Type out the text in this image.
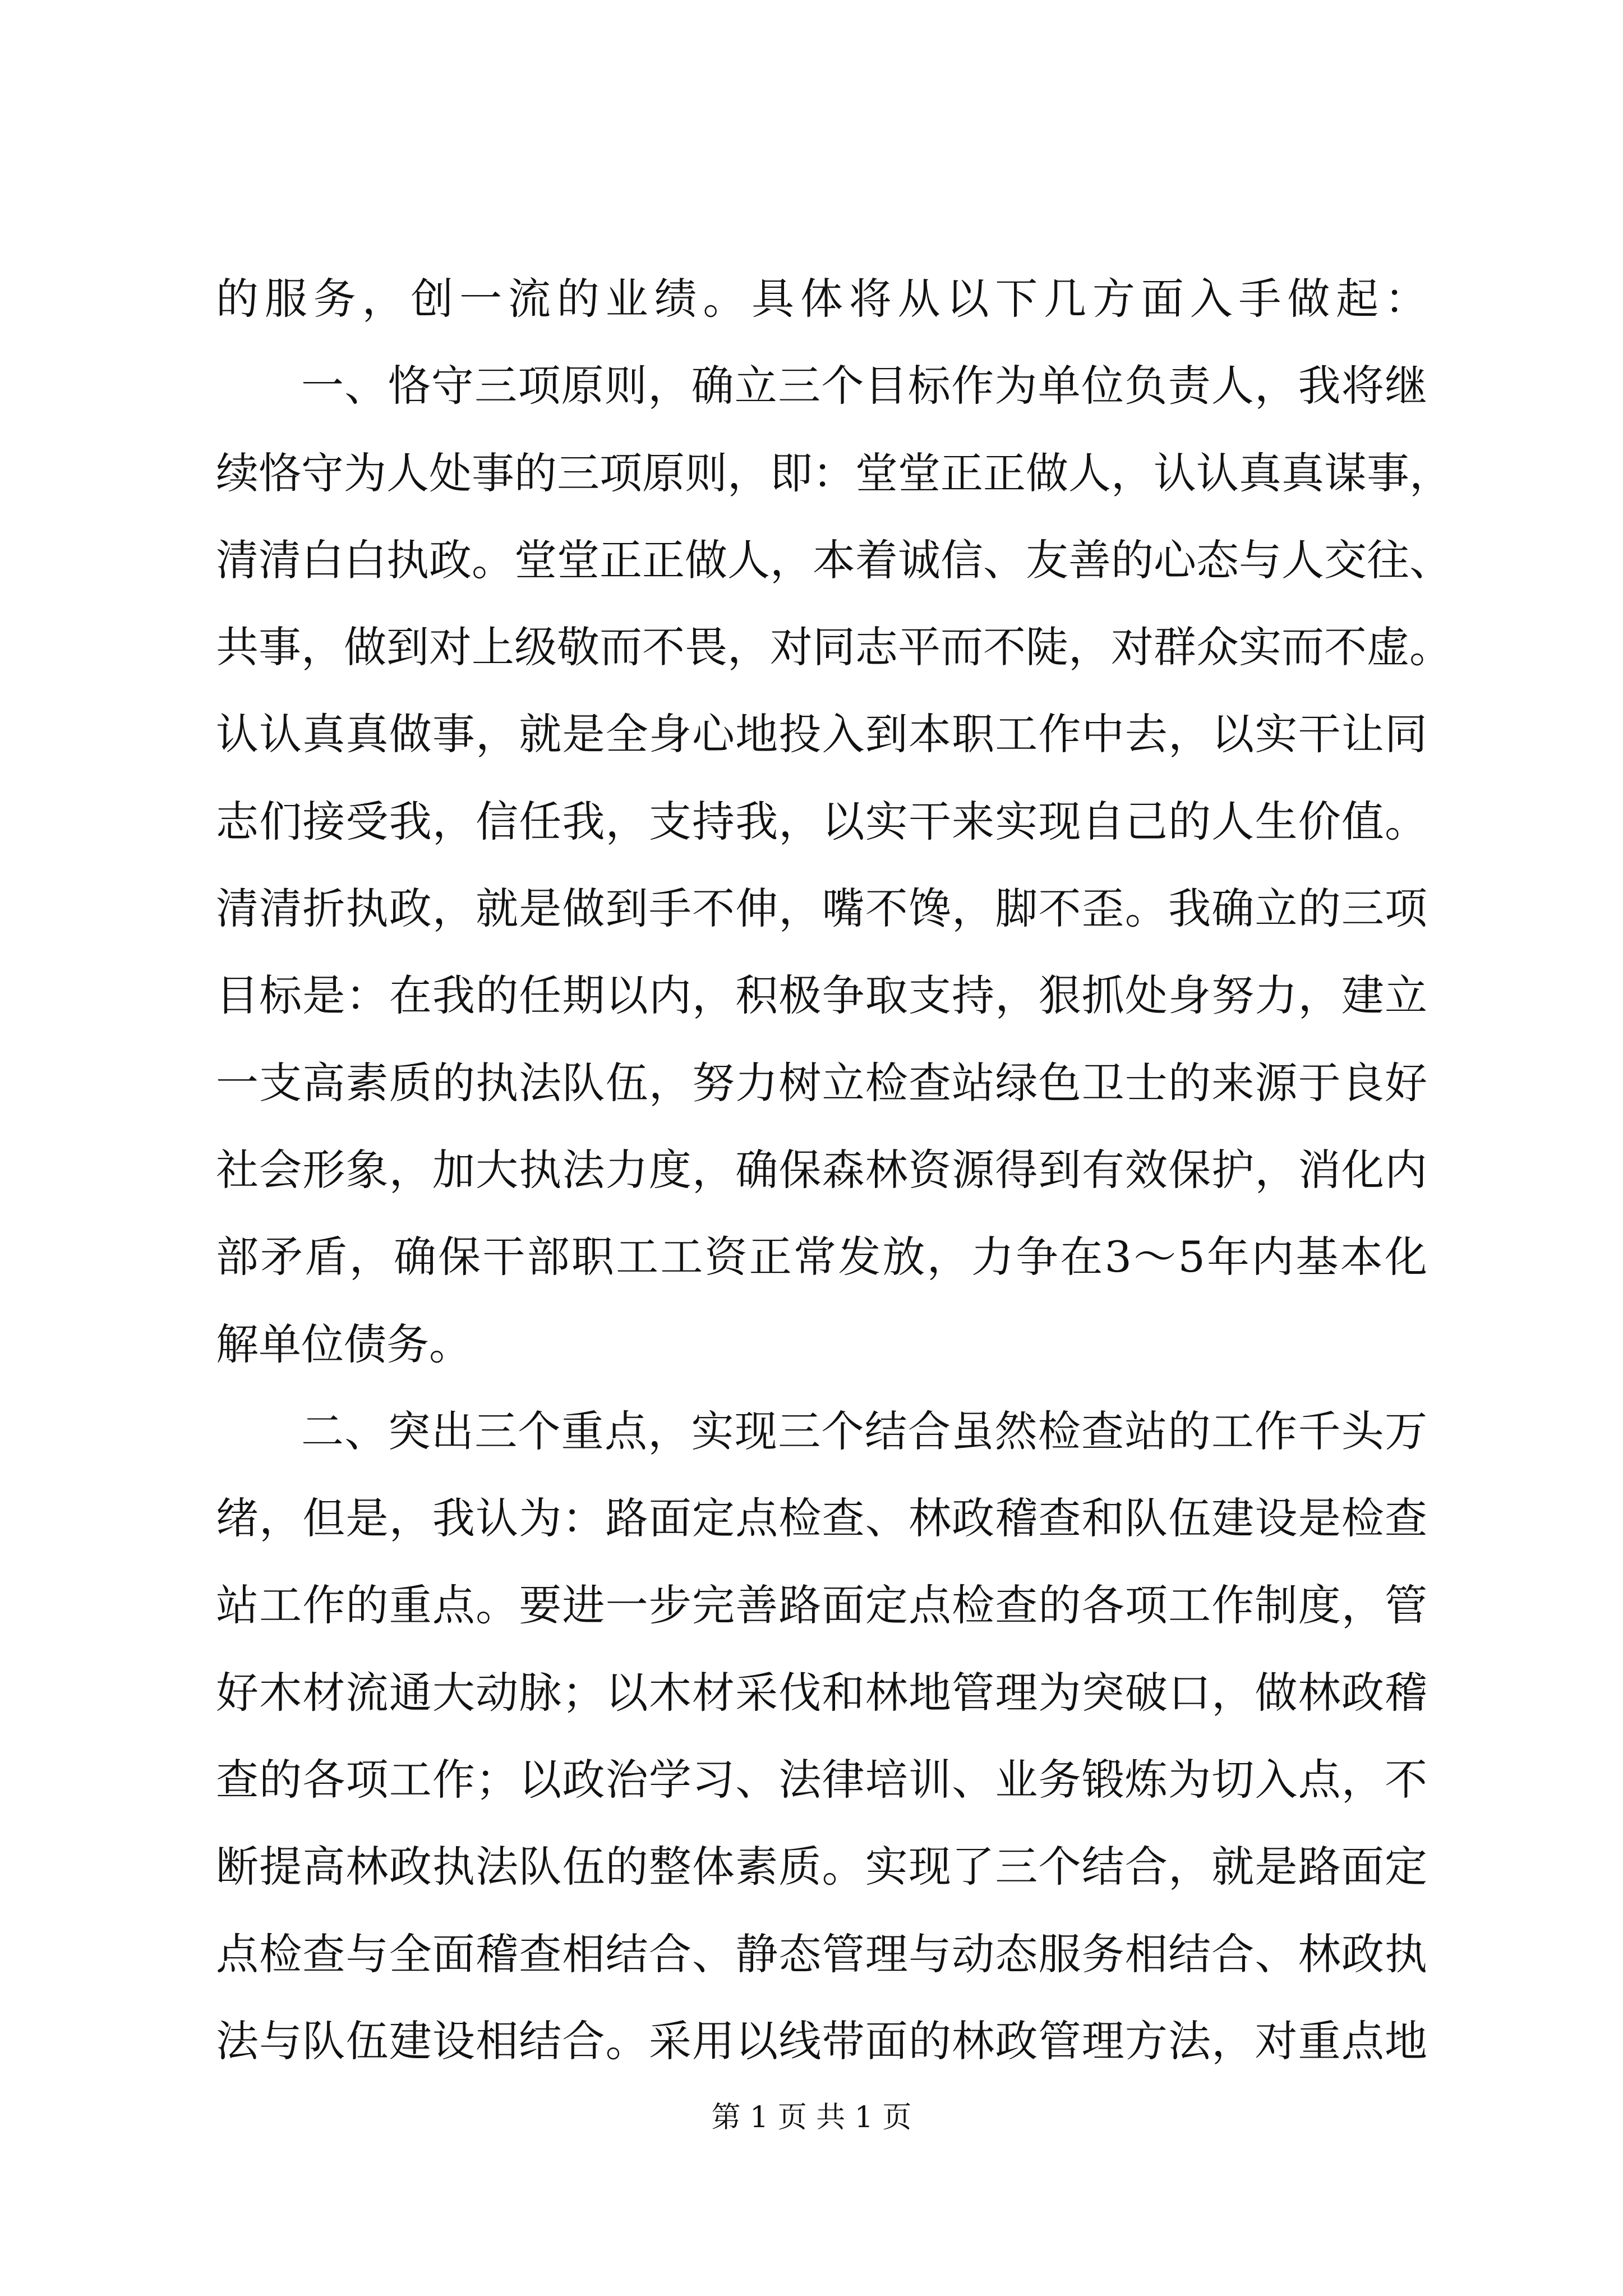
的服务，创一流的业绩。具体将从以下几方面入手做起：
一、恪守三项原则，确立三个目标作为单位负责人，我将继
续恪守为人处事的三项原则，即：堂堂正正做人，认认真真谋事，
清清白白执政。堂堂正正做人，本着诚信、友善的心态与人交往、
共事，做到对上级敬而不畏，对同志平而不陡，对群众实而不虚。
认认真真做事，就是全身心地投入到本职工作中去，以实干让同
志们接受我，信任我，支持我，以实干来实现自己的人生价值。
清清折执政，就是做到手不伸，嘴不馋，脚不歪。我确立的三项
目标是：在我的任期以内，积极争取支持，狠抓处身努力，建立
一支高素质的执法队伍，努力树立检查站绿色卫士的来源于良好
社会形象，加大执法力度，确保森林资源得到有效保护，消化内
部矛盾，确保干部职工工资正常发放，力争在3～5年内基本化
解单位债务。
二、突出三个重点，实现三个结合虽然检查站的工作千头万
绪，但是，我认为：路面定点检查、林政稽查和队伍建设是检查
站工作的重点。要进一步完善路面定点检查的各项工作制度，管
好木材流通大动脉；以木材采伐和林地管理为突破口，做林政稽
查的各项工作；以政治学习、法律培训、业务锻炼为切入点，不
断提高林政执法队伍的整体素质。实现了三个结合，就是路面定
点检查与全面稽查相结合、静态管理与动态服务相结合、林政执
法与队伍建设相结合。采用以线带面的林政管理方法，对重点地
第 1 页 共 1 页
